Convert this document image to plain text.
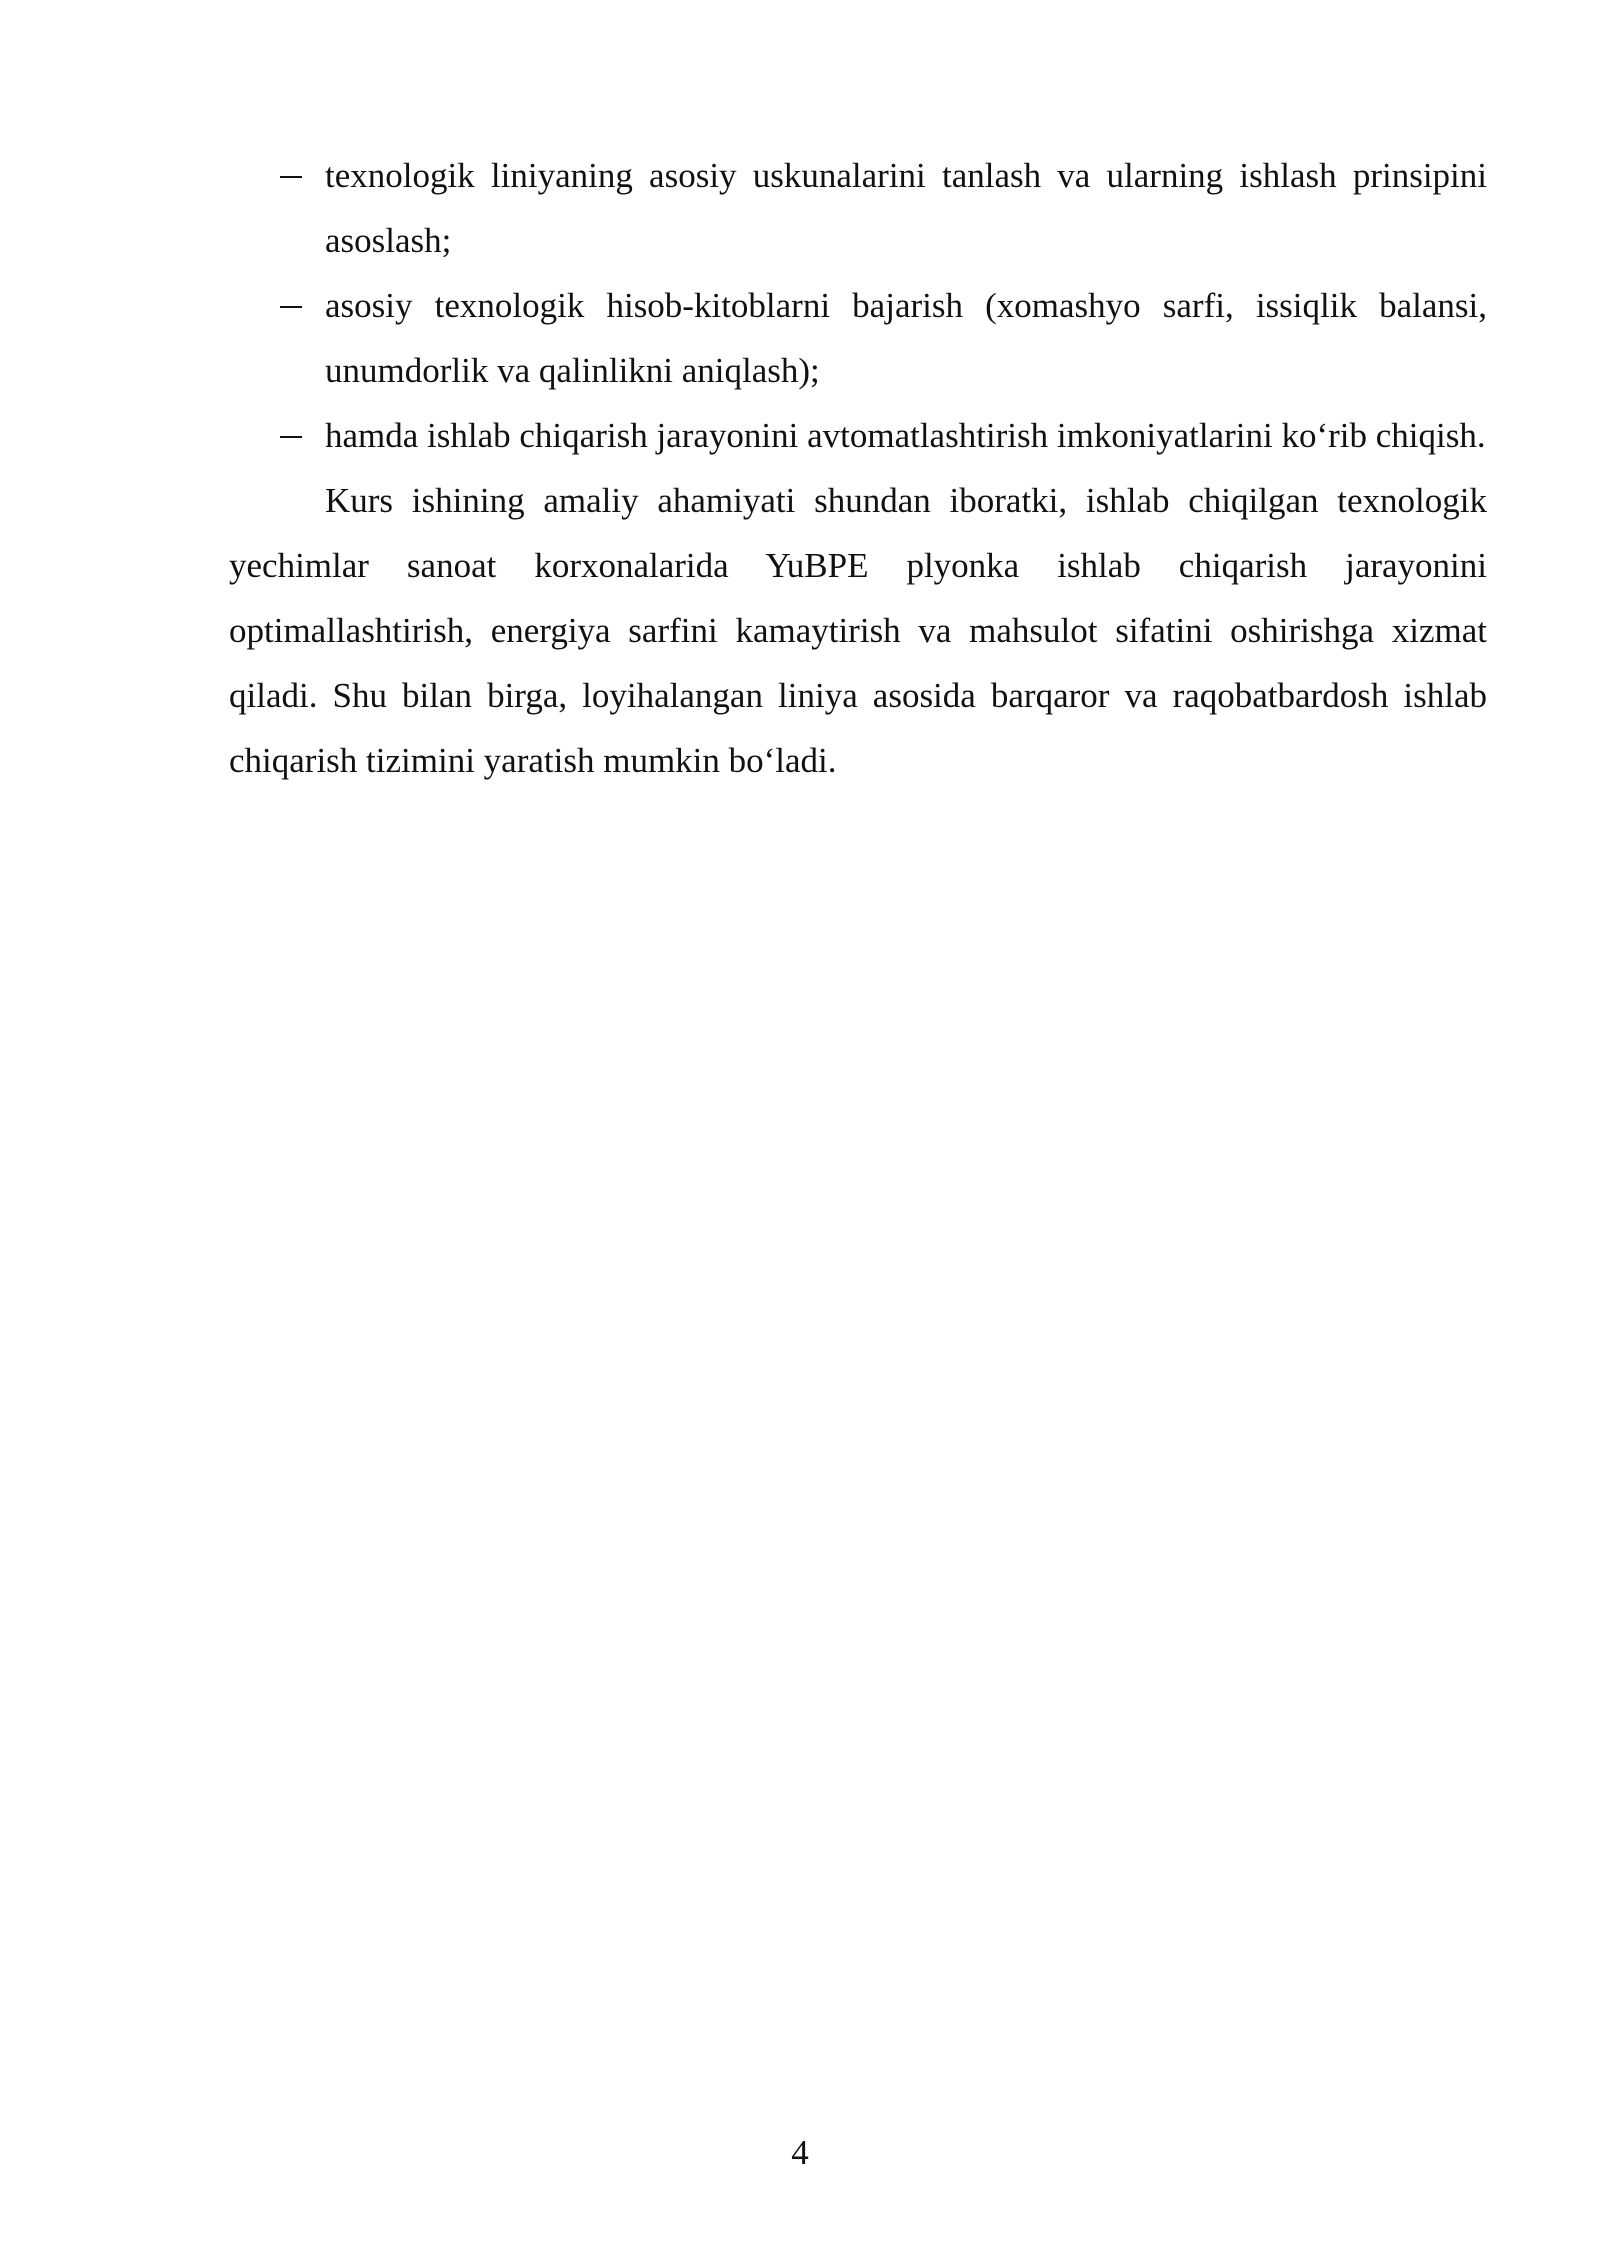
texnologik liniyaning asosiy uskunalarini tanlash va ularning ishlash prinsipini asoslash;
asosiy texnologik hisob-kitoblarni bajarish (xomashyo sarfi, issiqlik balansi, unumdorlik va qalinlikni aniqlash);
hamda ishlab chiqarish jarayonini avtomatlashtirish imkoniyatlarini ko‘rib chiqish.

Kurs ishining amaliy ahamiyati shundan iboratki, ishlab chiqilgan texnologik yechimlar sanoat korxonalarida YuBPE plyonka ishlab chiqarish jarayonini optimallashtirish, energiya sarfini kamaytirish va mahsulot sifatini oshirishga xizmat qiladi. Shu bilan birga, loyihalangan liniya asosida barqaror va raqobatbardosh ishlab chiqarish tizimini yaratish mumkin bo‘ladi.

4
